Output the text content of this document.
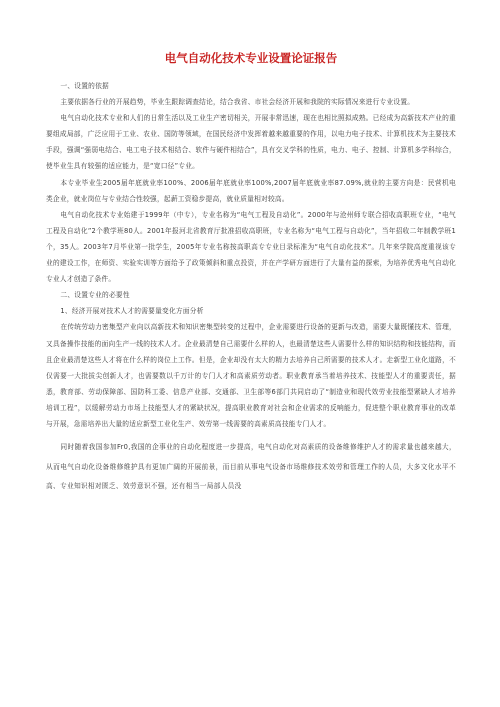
电气自动化技术专业设置论证报告
一、设置的依据

主要依据各行业的开展趋势，毕业生跟踪调查结论，结合我省、市社会经济开展和我院的实际情况来进行专业设置。

电气自动化技术专业和人们的日常生活以及工业生产密切相关，开展非常迅速，现在也相比照拟成熟。已经成为高新技术产业的重要组成局部，广泛应用于工业、农业、国防等领域，在国民经济中发挥着越来越重要的作用，以电力电子技术、计算机技术为主要技术手段，强调“强弱电结合、电工电子技术相结合、软件与硬件相结合”，具有交叉学科的性质，电力、电子、控制、计算机多学科综合，使毕业生具有较强的适应能力，是“宽口径”专业。

本专业毕业生2005届年底就业率100%、2006届年底就业率100%,2007届年底就业率87.09%,就业的主要方向是：民营机电类企业，就业岗位与专业结合性较强，起薪工资稳步提高，就业质量相对较高。

电气自动化技术专业始建于1999年（中专），专业名称为“电气工程及自动化”。2000年与沧州师专联合招收高职班专业，“电气工程及自动化”2个教学班80人。2001年报河北省教育厅批准招收高职班，专业名称为“电气工程与自动化”，当年招收二年制教学班1个，35人。2003年7月毕业第一批学生，2005年专业名称按高职高专专业目录标准为“电气自动化技术”。几年来学院高度重视该专业的建设工作，在师资、实验实训等方面给予了政策倾斜和重点投资，并在产学研方面进行了大量有益的探索，为培养优秀电气自动化专业人才创造了条件。

二、设置专业的必要性
1、经济开展对技术人才的需要量变化方面分析

在传统劳动力密集型产业向以高新技术和知识密集型转变的过程中，企业需要进行设备的更新与改造，需要大量既懂技术、管理，又具备操作技能的面向生产一线的技术人才。企业最清楚自己需要什么样的人，也最清楚这些人需要什么样的知识结构和技能结构，而且企业最清楚这些人才将在什么样的岗位上工作。但是，企业却没有太大的精力去培养自己所需要的技术人才。走新型工业化道路，不仅需要一大批拔尖创新人才，也需要数以千万计的专门人才和高素质劳动者。职业教育承当着培养技术、技能型人才的重要责任，据悉，教育部、劳动保障部、国防科工委、信息产业部、交通部、卫生部等6部门共同启动了“制造业和现代效劳业技能型紧缺人才培养培训工程”，以缓解劳动力市场上技能型人才的紧缺状况，提高职业教育对社会和企业需求的反响能力，促进整个职业教育事业的改革与开展，急需培养出大量的适应新型工业化生产、效劳第一线需要的高素质高技能专门人才。

同时随着我国参加Fr0,我国的企事业的自动化程度进一步提高，电气自动化对高素质的设备维修维护人才的需求量也越来越大，从而电气自动化设备维修维护具有更加广阔的开展前景，而目前从事电气设备市场维修技术效劳和管理工作的人员，大多文化水平不高、专业知识相对匮乏、效劳意识不强，还有相当一局部人员没
